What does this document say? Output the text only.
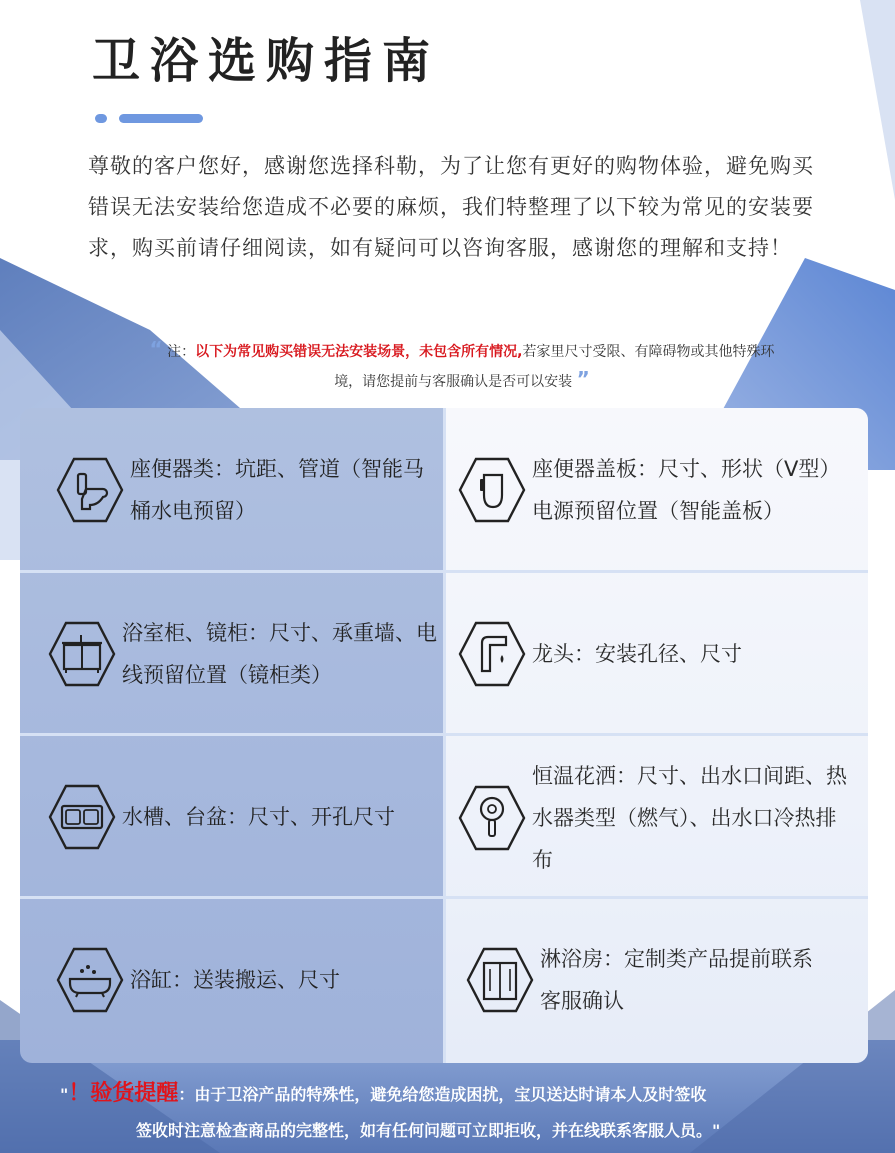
卫浴选购指南

尊敬的客户您好，感谢您选择科勒，为了让您有更好的购物体验，避免购买错误无法安装给您造成不必要的麻烦，我们特整理了以下较为常见的安装要求，购买前请仔细阅读，如有疑问可以咨询客服，感谢您的理解和支持！

“ 注：以下为常见购买错误无法安装场景，未包含所有情况,若家里尺寸受限、有障碍物或其他特殊环境，请您提前与客服确认是否可以安装 ”
座便器类：坑距、管道（智能马桶水电预留）
座便器盖板：尺寸、形状（V型）电源预留位置（智能盖板）
浴室柜、镜柜：尺寸、承重墙、电线预留位置（镜柜类）
龙头：安装孔径、尺寸
水槽、台盆：尺寸、开孔尺寸
恒温花洒：尺寸、出水口间距、热水器类型（燃气）、出水口冷热排布
浴缸：送装搬运、尺寸
淋浴房：定制类产品提前联系客服确认
"！验货提醒：由于卫浴产品的特殊性，避免给您造成困扰，宝贝送达时请本人及时签收
签收时注意检查商品的完整性，如有任何问题可立即拒收，并在线联系客服人员。"
